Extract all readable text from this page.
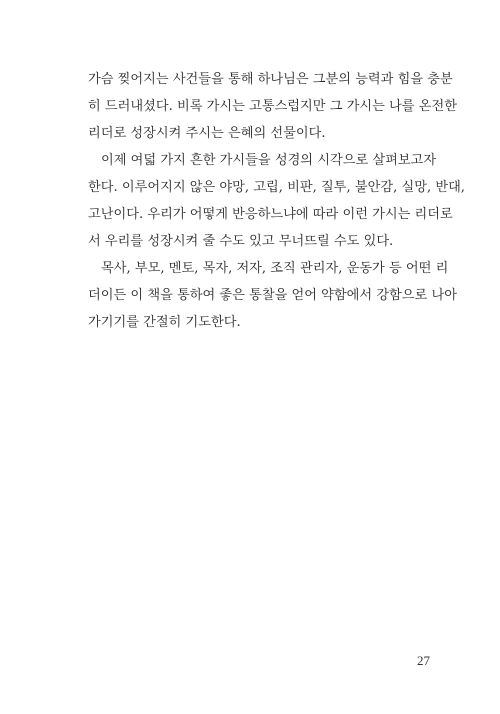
가슴 찢어지는 사건들을 통해 하나님은 그분의 능력과 힘을 충분
히 드러내셨다. 비록 가시는 고통스럽지만 그 가시는 나를 온전한
리더로 성장시켜 주시는 은혜의 선물이다.
이제 여덟 가지 흔한 가시들을 성경의 시각으로 살펴보고자
한다. 이루어지지 않은 야망, 고립, 비판, 질투, 불안감, 실망, 반대,
고난이다. 우리가 어떻게 반응하느냐에 따라 이런 가시는 리더로
서 우리를 성장시켜 줄 수도 있고 무너뜨릴 수도 있다.
목사, 부모, 멘토, 목자, 저자, 조직 관리자, 운동가 등 어떤 리
더이든 이 책을 통하여 좋은 통찰을 얻어 약함에서 강함으로 나아
가기기를 간절히 기도한다.
27
